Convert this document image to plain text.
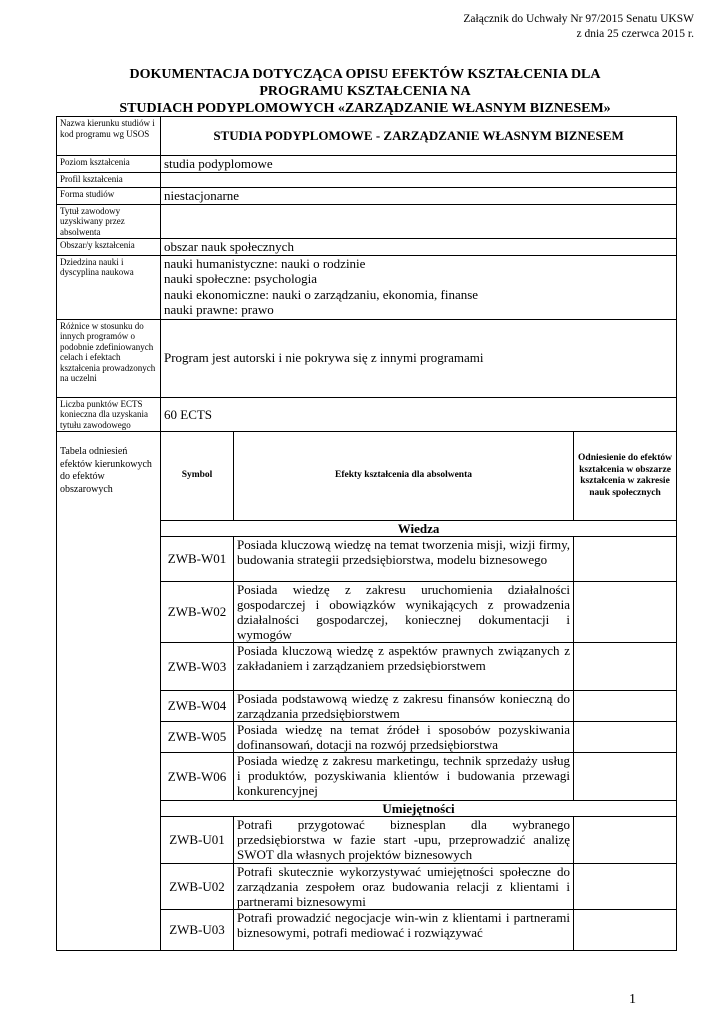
Załącznik do Uchwały Nr 97/2015 Senatu UKSW
z dnia 25 czerwca 2015 r.
DOKUMENTACJA DOTYCZĄCA OPISU EFEKTÓW KSZTAŁCENIA DLA
PROGRAMU KSZTAŁCENIA NA
STUDIACH PODYPLOMOWYCH «ZARZĄDZANIE WŁASNYM BIZNESEM»
Nazwa kierunku studiów i kod programu wg USOS	STUDIA PODYPLOMOWE - ZARZĄDZANIE WŁASNYM BIZNESEM		
Poziom kształcenia	studia podyplomowe		
Profil kształcenia			
Forma studiów	niestacjonarne		
Tytuł zawodowy uzyskiwany przez absolwenta			
Obszar/y kształcenia	obszar nauk społecznych		
Dziedzina nauki i dyscyplina naukowa	nauki humanistyczne: nauki o rodzinie
nauki społeczne: psychologia
nauki ekonomiczne: nauki o zarządzaniu, ekonomia, finanse
nauki prawne: prawo		

Różnice w stosunku do innych programów o podobnie zdefiniowanych celach i efektach kształcenia prowadzonych na uczelni	Program jest autorski i nie pokrywa się z innymi programami		
Liczba punktów ECTS konieczna dla uzyskania tytułu zawodowego	60 ECTS		
Tabela odniesień efektów kierunkowych do efektów obszarowych	Symbol	Efekty kształcenia dla absolwenta	Odniesienie do efektów kształcenia w obszarze kształcenia w zakresie nauk społecznych
	Wiedza		
	ZWB-W01	Posiada kluczową wiedzę na temat tworzenia misji, wizji firmy, budowania strategii przedsiębiorstwa, modelu biznesowego	
	ZWB-W02	Posiada wiedzę z zakresu uruchomienia działalności gospodarczej i obowiązków wynikających z prowadzenia działalności gospodarczej, koniecznej dokumentacji i wymogów	
	ZWB-W03	Posiada kluczową wiedzę z aspektów prawnych związanych z zakładaniem i zarządzaniem przedsiębiorstwem	
	ZWB-W04	Posiada podstawową wiedzę z zakresu finansów konieczną do zarządzania przedsiębiorstwem	
	ZWB-W05	Posiada wiedzę na temat źródeł i sposobów pozyskiwania dofinansowań, dotacji na rozwój przedsiębiorstwa	
	ZWB-W06	Posiada wiedzę z zakresu marketingu, technik sprzedaży usług i produktów, pozyskiwania klientów i budowania przewagi konkurencyjnej	
	Umiejętności		
	ZWB-U01	Potrafi przygotować biznesplan dla wybranego przedsiębiorstwa w fazie start -upu, przeprowadzić analizę SWOT dla własnych projektów biznesowych	
	ZWB-U02	Potrafi skutecznie wykorzystywać umiejętności społeczne do zarządzania zespołem oraz budowania relacji z klientami i partnerami biznesowymi	
	ZWB-U03	Potrafi prowadzić negocjacje win-win z klientami i partnerami biznesowymi, potrafi mediować i rozwiązywać	
1
